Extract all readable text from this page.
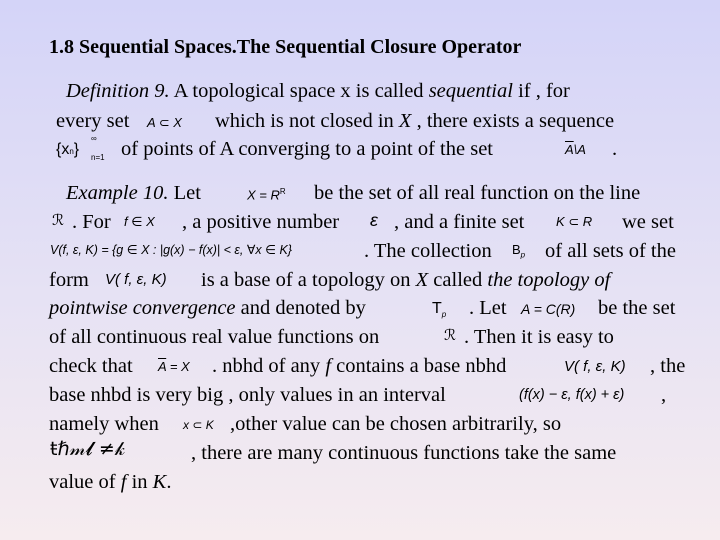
1.8 Sequential Spaces.The Sequential Closure Operator
Definition 9. A topological space x is called sequential if , for
every set A ⊂ X which is not closed in X , there exists a sequence
{xn}
∞
n=1 of points of A converging to a point of the set	$\overline{A}\backslash A$ .
Example 10. Let	$X = R^R$ be the set of all real function on the line
ℛ . For f ∈ X , a positive number ε , and a finite set K ⊂ R we set
V(f, ε, K) = {g ∈ X : |g(x) − f(x)| < ε, ∀x ∈ K}	. The collection $B_p$ of all sets of the
form V( f, ε, K) is a base of a topology on X called the topology of
pointwise convergence and denoted by	$T_p$ . Let A = C(R) be the set
of all continuous real value functions on	ℛ . Then it is easy to
check that $\overline{A} = X$ . nbhd of any f contains a base nbhd	V( f, ε, K) , the
base nhbd is very big , only values in an interval	(f(x) − ε, f(x) + ε) ,
namely when x ⊂ K ,other value can be chosen arbitrarily, so
ŧℏ𝓂𝓵 ≠𝓀	, there are many continuous functions take the same
value of f in K.
